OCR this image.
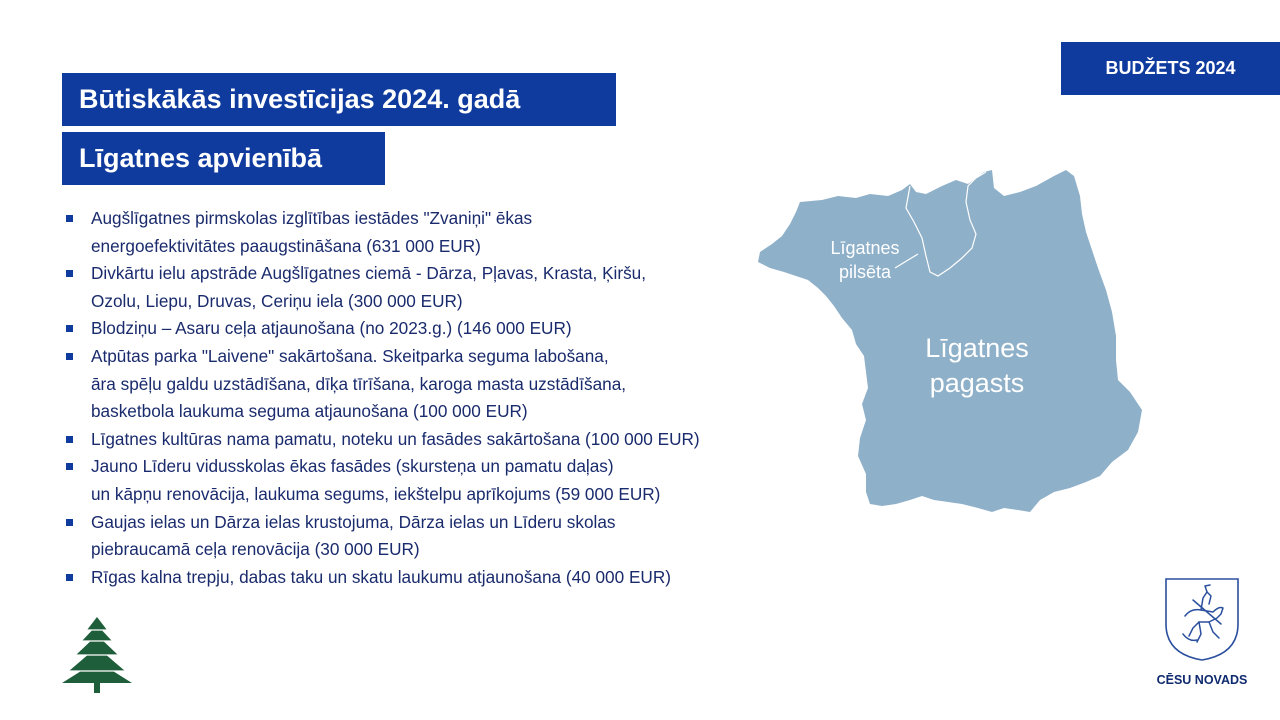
BUDŽETS 2024
Būtiskākās investīcijas 2024. gadā
Līgatnes apvienībā
Augšlīgatnes pirmskolas izglītības iestādes "Zvaniņi" ēkas
energoefektivitātes paaugstināšana (631 000 EUR)
Divkārtu ielu apstrāde Augšlīgatnes ciemā - Dārza, Pļavas, Krasta, Ķiršu,
Ozolu, Liepu, Druvas, Ceriņu iela (300 000 EUR)
Blodziņu – Asaru ceļa atjaunošana (no 2023.g.) (146 000 EUR)
Atpūtas parka "Laivene" sakārtošana. Skeitparka seguma labošana,
āra spēļu galdu uzstādīšana, dīķa tīrīšana, karoga masta uzstādīšana,
basketbola laukuma seguma atjaunošana (100 000 EUR)
Līgatnes kultūras nama pamatu, noteku un fasādes sakārtošana (100 000 EUR)
Jauno Līderu vidusskolas ēkas fasādes (skursteņa un pamatu daļas)
un kāpņu renovācija, laukuma segums, iekštelpu aprīkojums (59 000 EUR)
Gaujas ielas un Dārza ielas krustojuma, Dārza ielas un Līderu skolas
piebraucamā ceļa renovācija (30 000 EUR)
Rīgas kalna trepju, dabas taku un skatu laukumu atjaunošana (40 000 EUR)
Līgatnes
pilsēta
Līgatnes
pagasts
CĒSU NOVADS
